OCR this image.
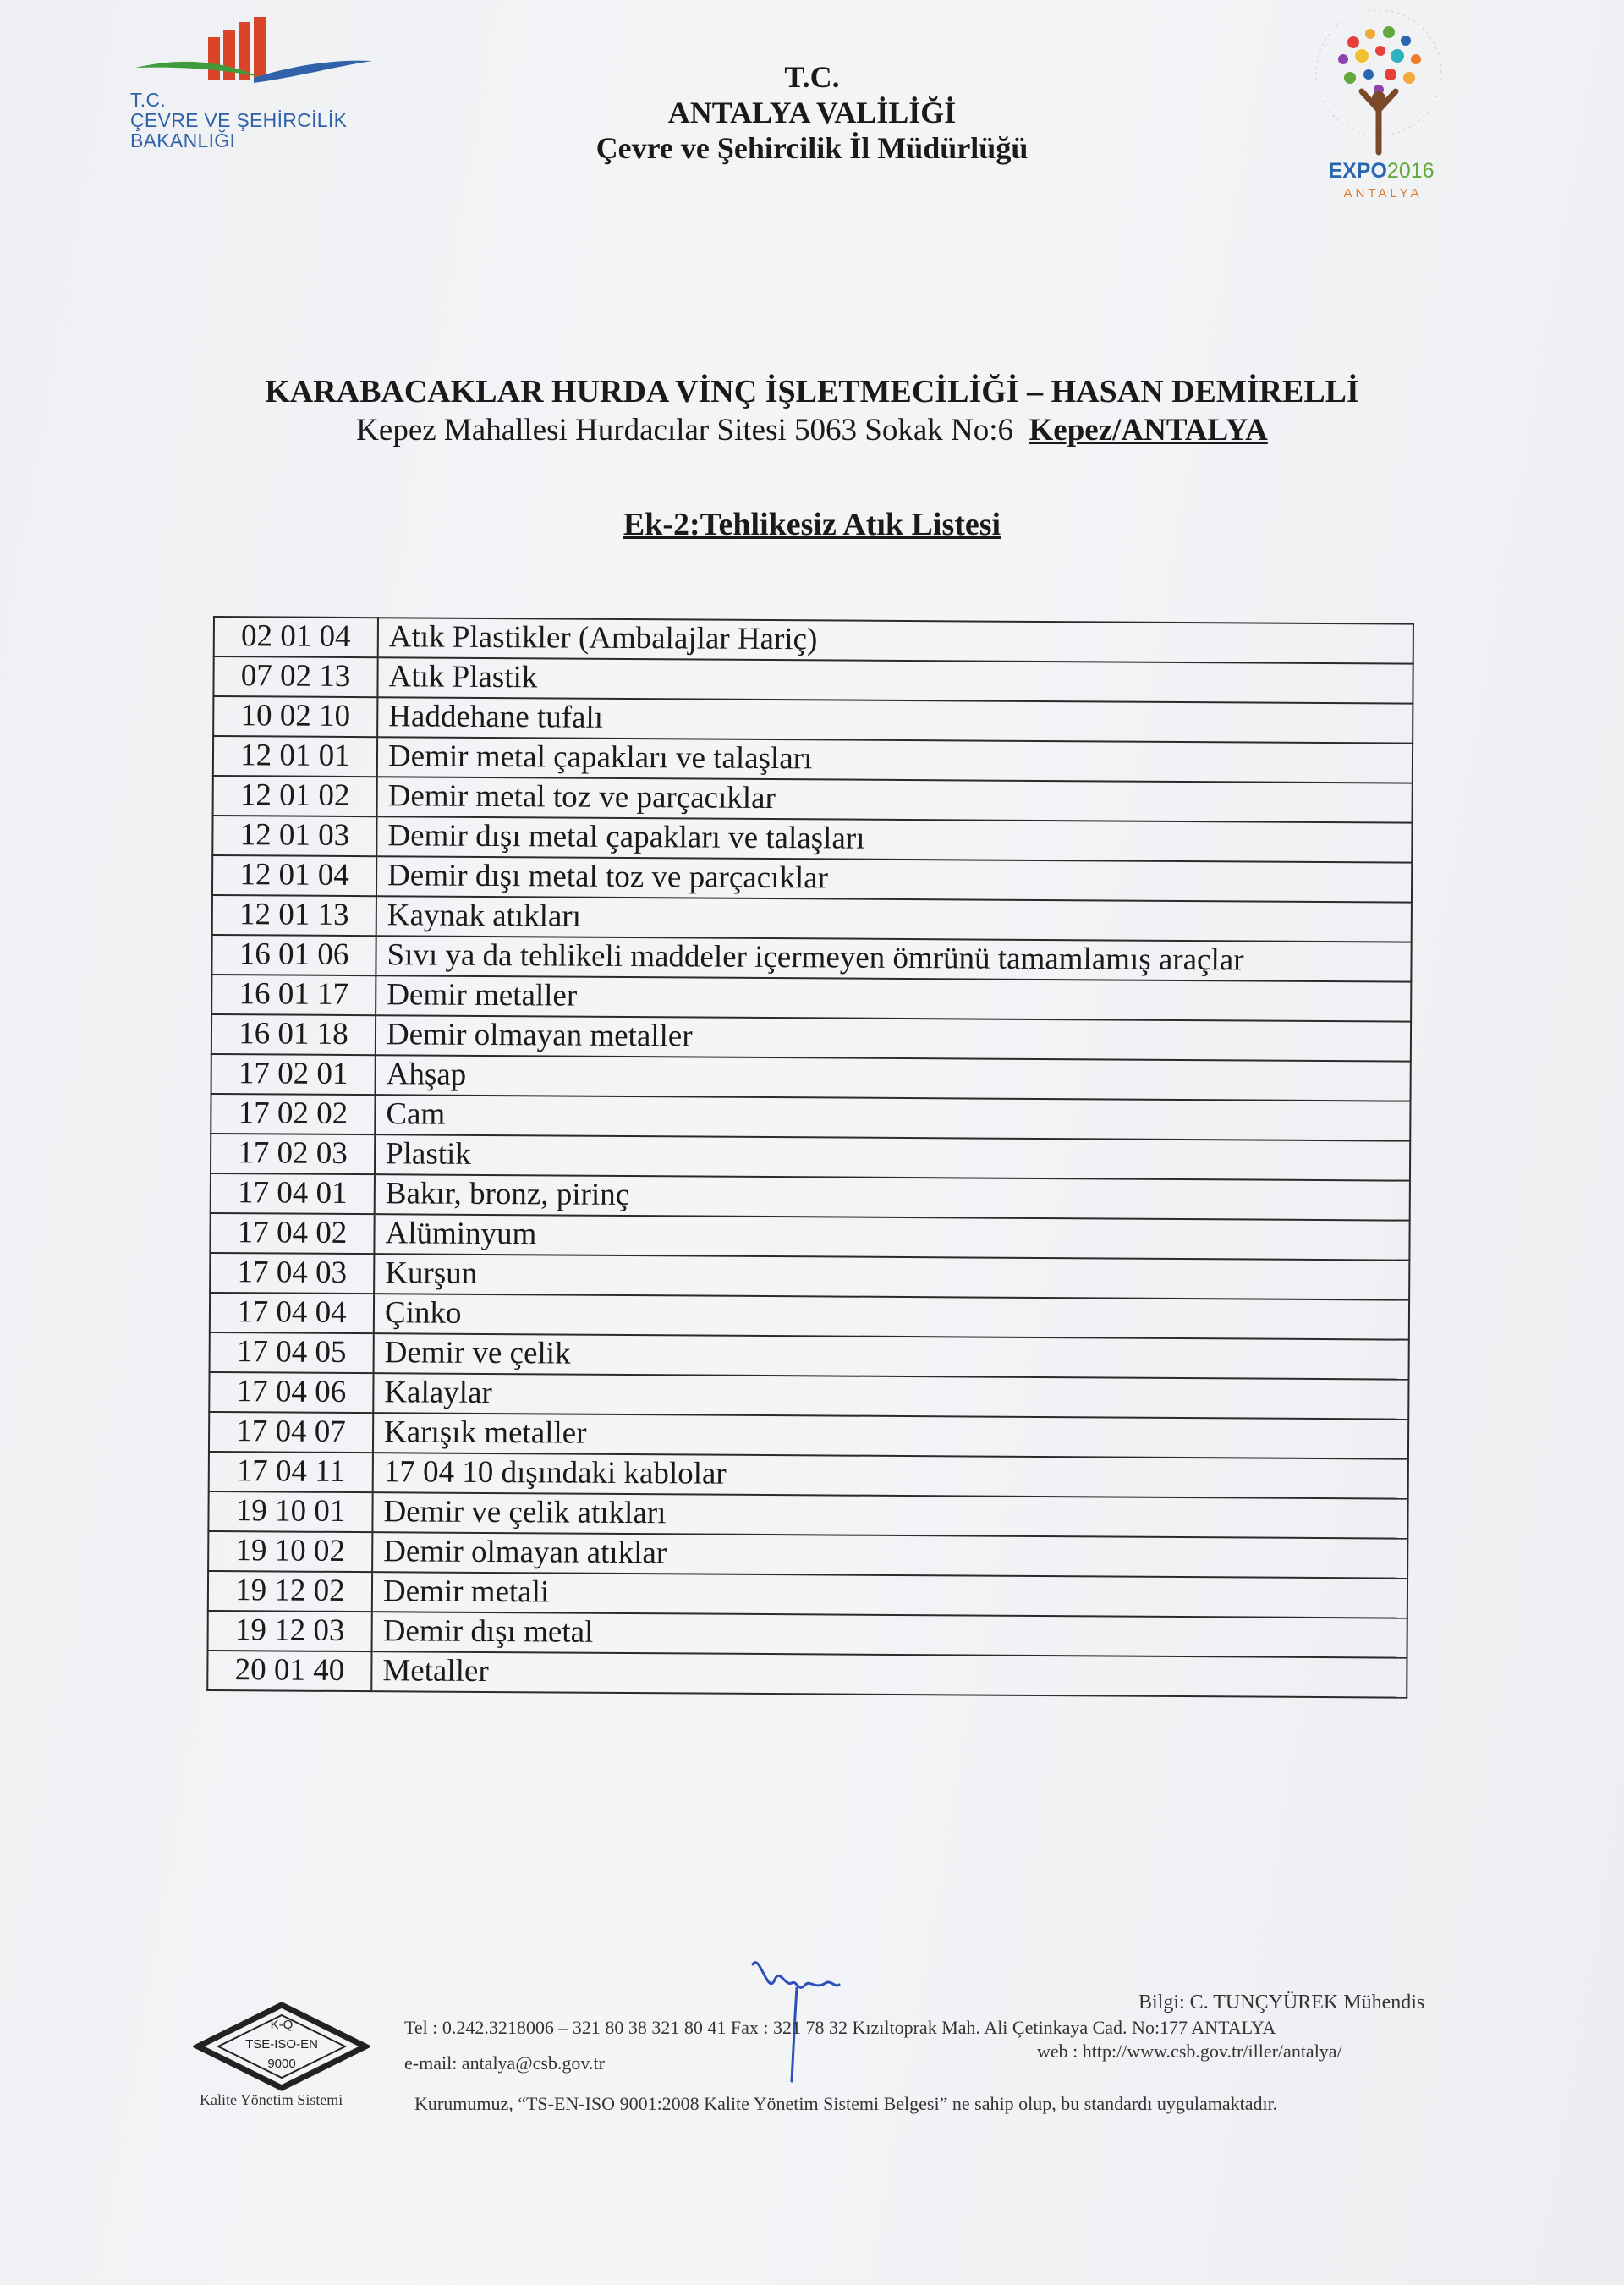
T.C.
ÇEVRE VE ŞEHİRCİLİK
BAKANLIĞI
T.C.
ANTALYA VALİLİĞİ
Çevre ve Şehircilik İl Müdürlüğü
EXPO2016
ANTALYA
KARABACAKLAR HURDA VİNÇ İŞLETMECİLİĞİ – HASAN DEMİRELLİ
Kepez Mahallesi Hurdacılar Sitesi 5063 Sokak No:6 Kepez/ANTALYA
Ek-2:Tehlikesiz Atık Listesi
02 01 04	Atık Plastikler (Ambalajlar Hariç)
07 02 13	Atık Plastik
10 02 10	Haddehane tufalı
12 01 01	Demir metal çapakları ve talaşları
12 01 02	Demir metal toz ve parçacıklar
12 01 03	Demir dışı metal çapakları ve talaşları
12 01 04	Demir dışı metal toz ve parçacıklar
12 01 13	Kaynak atıkları
16 01 06	Sıvı ya da tehlikeli maddeler içermeyen ömrünü tamamlamış araçlar
16 01 17	Demir metaller
16 01 18	Demir olmayan metaller
17 02 01	Ahşap
17 02 02	Cam
17 02 03	Plastik
17 04 01	Bakır, bronz, pirinç
17 04 02	Alüminyum
17 04 03	Kurşun
17 04 04	Çinko
17 04 05	Demir ve çelik
17 04 06	Kalaylar
17 04 07	Karışık metaller
17 04 11	17 04 10 dışındaki kablolar
19 10 01	Demir ve çelik atıkları
19 10 02	Demir olmayan atıklar
19 12 02	Demir metali
19 12 03	Demir dışı metal
20 01 40	Metaller
K-Q
TSE-ISO-EN
9000
Kalite Yönetim Sistemi
Bilgi: C. TUNÇYÜREK Mühendis
Tel : 0.242.3218006 – 321 80 38 321 80 41 Fax : 321 78 32 Kızıltoprak Mah. Ali Çetinkaya Cad. No:177 ANTALYA
e-mail: antalya@csb.gov.tr
web : http://www.csb.gov.tr/iller/antalya/
Kurumumuz, “TS-EN-ISO 9001:2008 Kalite Yönetim Sistemi Belgesi” ne sahip olup, bu standardı uygulamaktadır.
